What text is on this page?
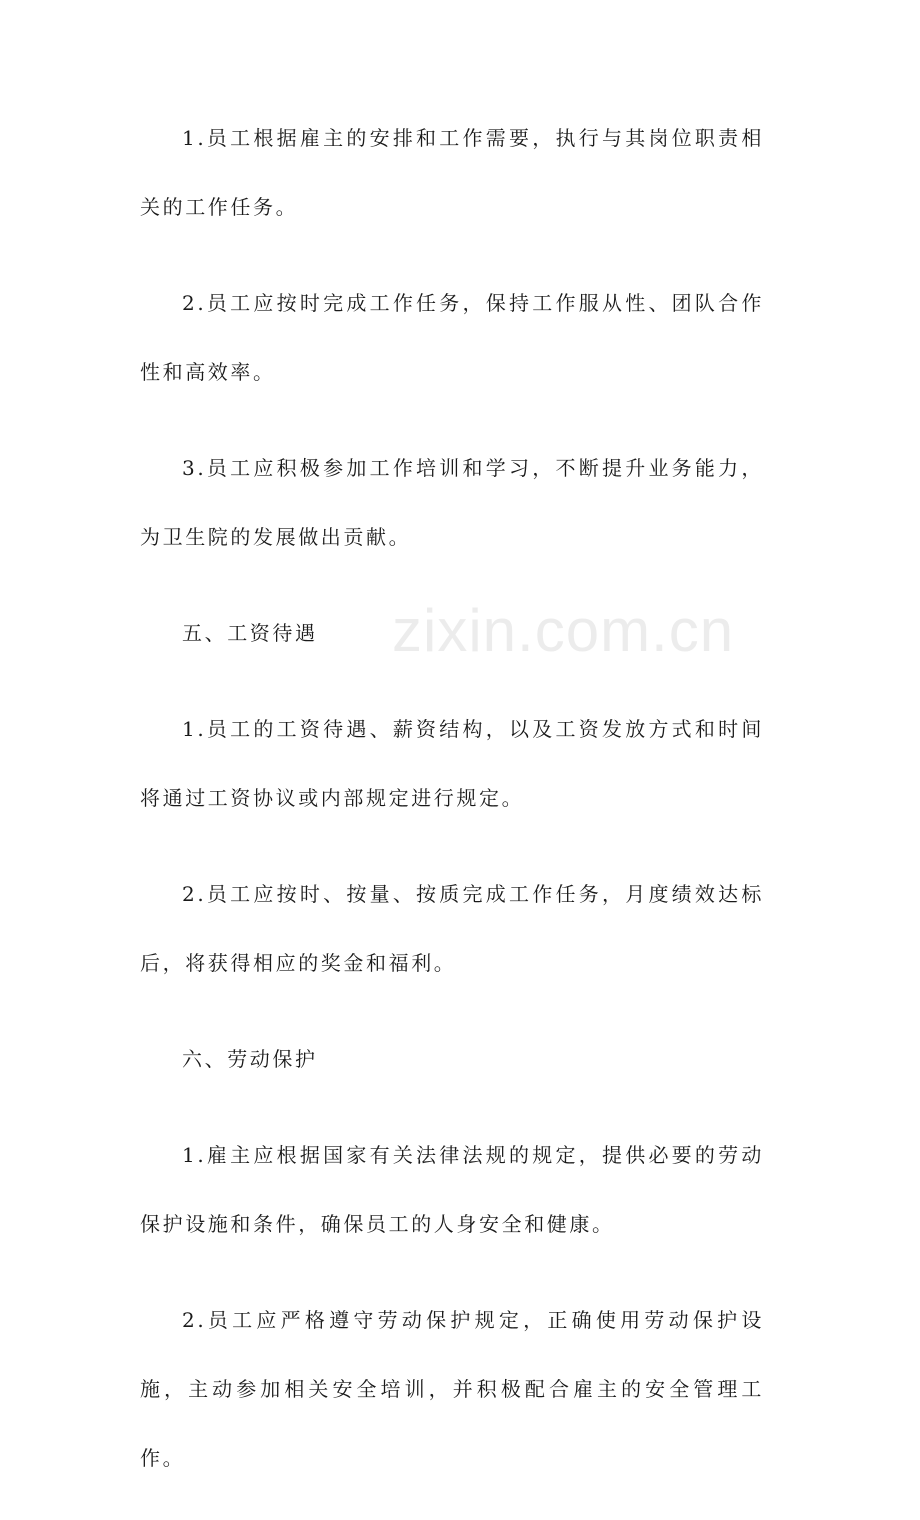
1.员工根据雇主的安排和工作需要，执行与其岗位职责相关的工作任务。

2.员工应按时完成工作任务，保持工作服从性、团队合作性和高效率。

3.员工应积极参加工作培训和学习，不断提升业务能力，为卫生院的发展做出贡献。

五、工资待遇

1.员工的工资待遇、薪资结构，以及工资发放方式和时间将通过工资协议或内部规定进行规定。

2.员工应按时、按量、按质完成工作任务，月度绩效达标后，将获得相应的奖金和福利。

六、劳动保护

1.雇主应根据国家有关法律法规的规定，提供必要的劳动保护设施和条件，确保员工的人身安全和健康。

2.员工应严格遵守劳动保护规定，正确使用劳动保护设施，主动参加相关安全培训，并积极配合雇主的安全管理工作。

zixin.com.cn
